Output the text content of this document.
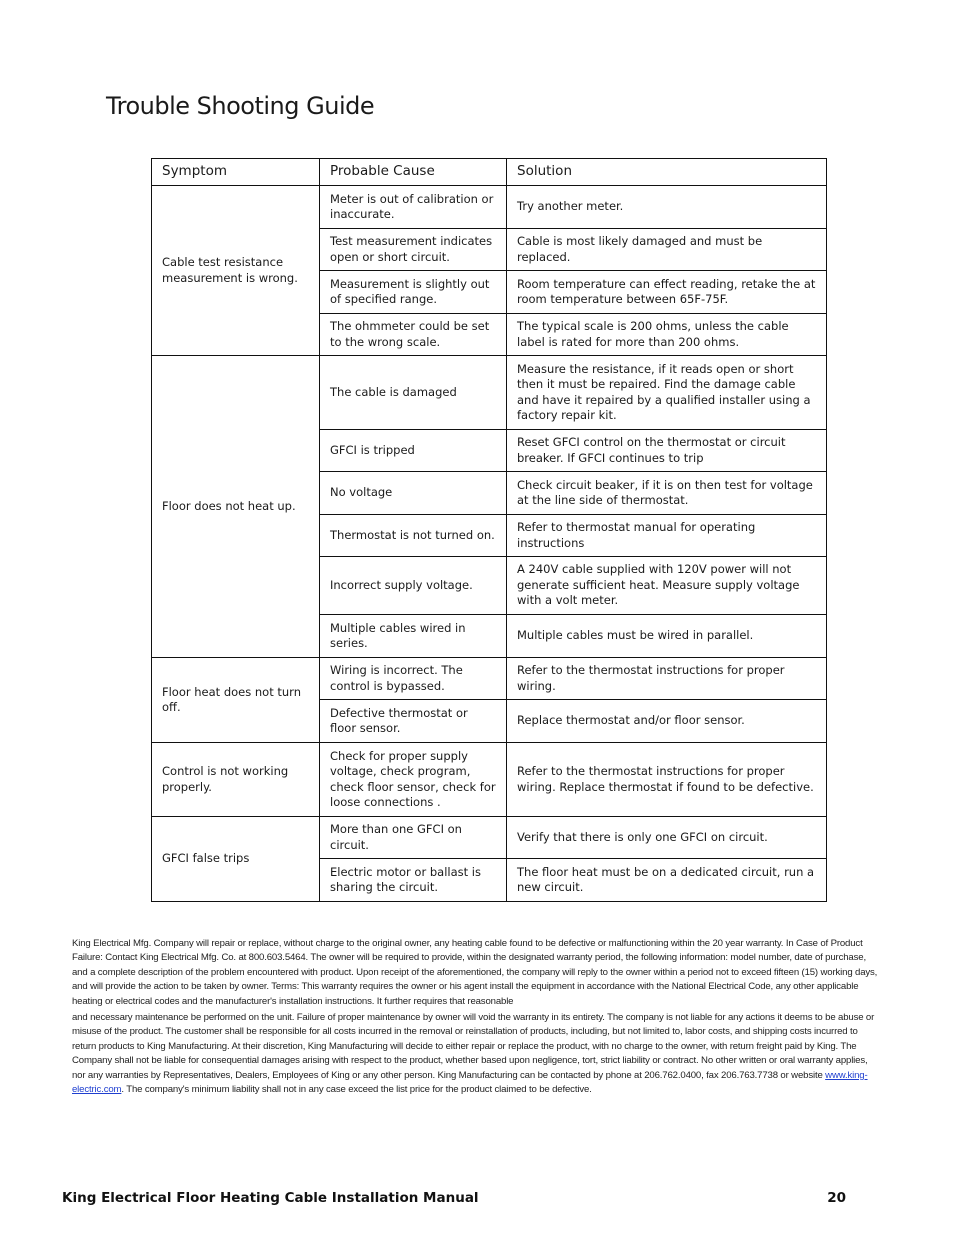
Trouble Shooting Guide
Symptom	Probable Cause	Solution
Cable test resistance measurement is wrong.	Meter is out of calibration or inaccurate.	Try another meter.
	Test measurement indicates open or short circuit.	Cable is most likely damaged and must be replaced.
	Measurement is slightly out of specified range.	Room temperature can effect reading, retake the at room temperature between 65F-75F.
	The ohmmeter could be set to the wrong scale.	The typical scale is 200 ohms, unless the cable label is rated for more than 200 ohms.
Floor does not heat up.	The cable is damaged	Measure the resistance, if it reads open or short then it must be repaired. Find the damage cable and have it repaired by a qualified installer using a factory repair kit.
	GFCI is tripped	Reset GFCI control on the thermostat or circuit breaker. If GFCI continues to trip
	No voltage	Check circuit beaker, if it is on then test for voltage at the line side of thermostat.
	Thermostat is not turned on.	Refer to thermostat manual for operating instructions
	Incorrect supply voltage.	A 240V cable supplied with 120V power will not generate sufficient heat. Measure supply voltage with a volt meter.
	Multiple cables wired in series.	Multiple cables must be wired in parallel.
Floor heat does not turn off.	Wiring is incorrect. The control is bypassed.	Refer to the thermostat instructions for proper wiring.
	Defective thermostat or floor sensor.	Replace thermostat and/or floor sensor.
Control is not working properly.	Check for proper supply voltage, check program, check floor sensor, check for loose connections .	Refer to the thermostat instructions for proper wiring. Replace thermostat if found to be defective.
GFCI false trips	More than one GFCI on circuit.	Verify that there is only one GFCI on circuit.
	Electric motor or ballast is sharing the circuit.	The floor heat must be on a dedicated circuit, run a new circuit.

King Electrical Mfg. Company will repair or replace, without charge to the original owner, any heating cable found to be defective or malfunctioning within the 20 year warranty. In Case of Product Failure: Contact King Electrical Mfg. Co. at 800.603.5464. The owner will be required to provide, within the designated warranty period, the following information: model number, date of purchase, and a complete description of the problem encountered with product. Upon receipt of the aforementioned, the company will reply to the owner within a period not to exceed fifteen (15) working days, and will provide the action to be taken by owner. Terms: This warranty requires the owner or his agent install the equipment in accordance with the National Electrical Code, any other applicable heating or electrical codes and the manufacturer's installation instructions. It further requires that reasonable

and necessary maintenance be performed on the unit. Failure of proper maintenance by owner will void the warranty in its entirety. The company is not liable for any actions it deems to be abuse or misuse of the product. The customer shall be responsible for all costs incurred in the removal or reinstallation of products, including, but not limited to, labor costs, and shipping costs incurred to return products to King Manufacturing. At their discretion, King Manufacturing will decide to either repair or replace the product, with no charge to the owner, with return freight paid by King. The Company shall not be liable for consequential damages arising with respect to the product, whether based upon negligence, tort, strict liability or contract. No other written or oral warranty applies, nor any warranties by Representatives, Dealers, Employees of King or any other person. King Manufacturing can be contacted by phone at 206.762.0400, fax 206.763.7738 or website www.king-electric.com. The company's minimum liability shall not in any case exceed the list price for the product claimed to be defective.

King Electrical Floor Heating Cable Installation Manual	20
